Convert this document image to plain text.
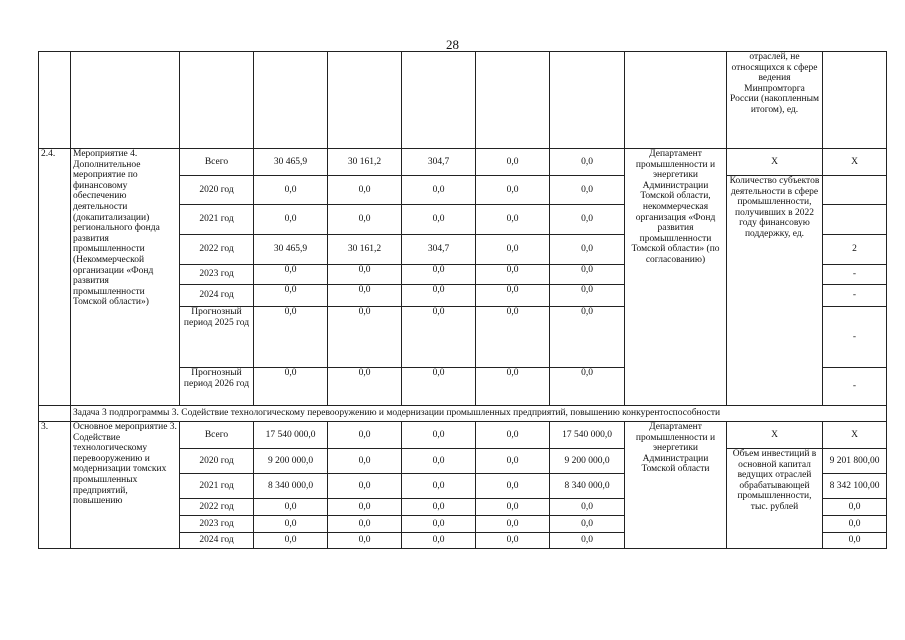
28
									отраслей, не относящихся к сфере ведения Минпромторга России (накопленным итогом), ед.	
2.4.	Мероприятие 4. Дополнительное мероприятие по финансовому обеспечению деятельности (докапитализации) регионального фонда развития промышленности (Некоммерческой организации «Фонд развития промышленности Томской области»)	Всего	30 465,9	30 161,2	304,7	0,0	0,0	Департамент промышленности и энергетики Администрации Томской области, некоммерческая организация «Фонд развития промышленности Томской области» (по согласованию)	Х	Х
		2020 год	0,0	0,0	0,0	0,0	0,0		Количество субъектов деятельности в сфере промышленности, получивших в 2022 году финансовую поддержку, ед.	
		2021 год	0,0	0,0	0,0	0,0	0,0			
		2022 год	30 465,9	30 161,2	304,7	0,0	0,0			2
		2023 год	0,0	0,0	0,0	0,0	0,0			-
		2024 год	0,0	0,0	0,0	0,0	0,0			-
		Прогнозный период 2025 год	0,0	0,0	0,0	0,0	0,0			-
		Прогнозный период 2026 год	0,0	0,0	0,0	0,0	0,0			-
	Задача 3 подпрограммы 3. Содействие технологическому перевооружению и модернизации промышленных предприятий, повышению конкурентоспособности									
3.	Основное мероприятие 3. Содействие технологическому перевооружению и модернизации томских промышленных предприятий, повышению	Всего	17 540 000,0	0,0	0,0	0,0	17 540 000,0	Департамент промышленности и энергетики Администрации Томской области	Х	Х
		2020 год	9 200 000,0	0,0	0,0	0,0	9 200 000,0		Объем инвестиций в основной капитал ведущих отраслей обрабатывающей промышленности, тыс. рублей	9 201 800,00
		2021 год	8 340 000,0	0,0	0,0	0,0	8 340 000,0			8 342 100,00
		2022 год	0,0	0,0	0,0	0,0	0,0			0,0
		2023 год	0,0	0,0	0,0	0,0	0,0			0,0
		2024 год	0,0	0,0	0,0	0,0	0,0			0,0
